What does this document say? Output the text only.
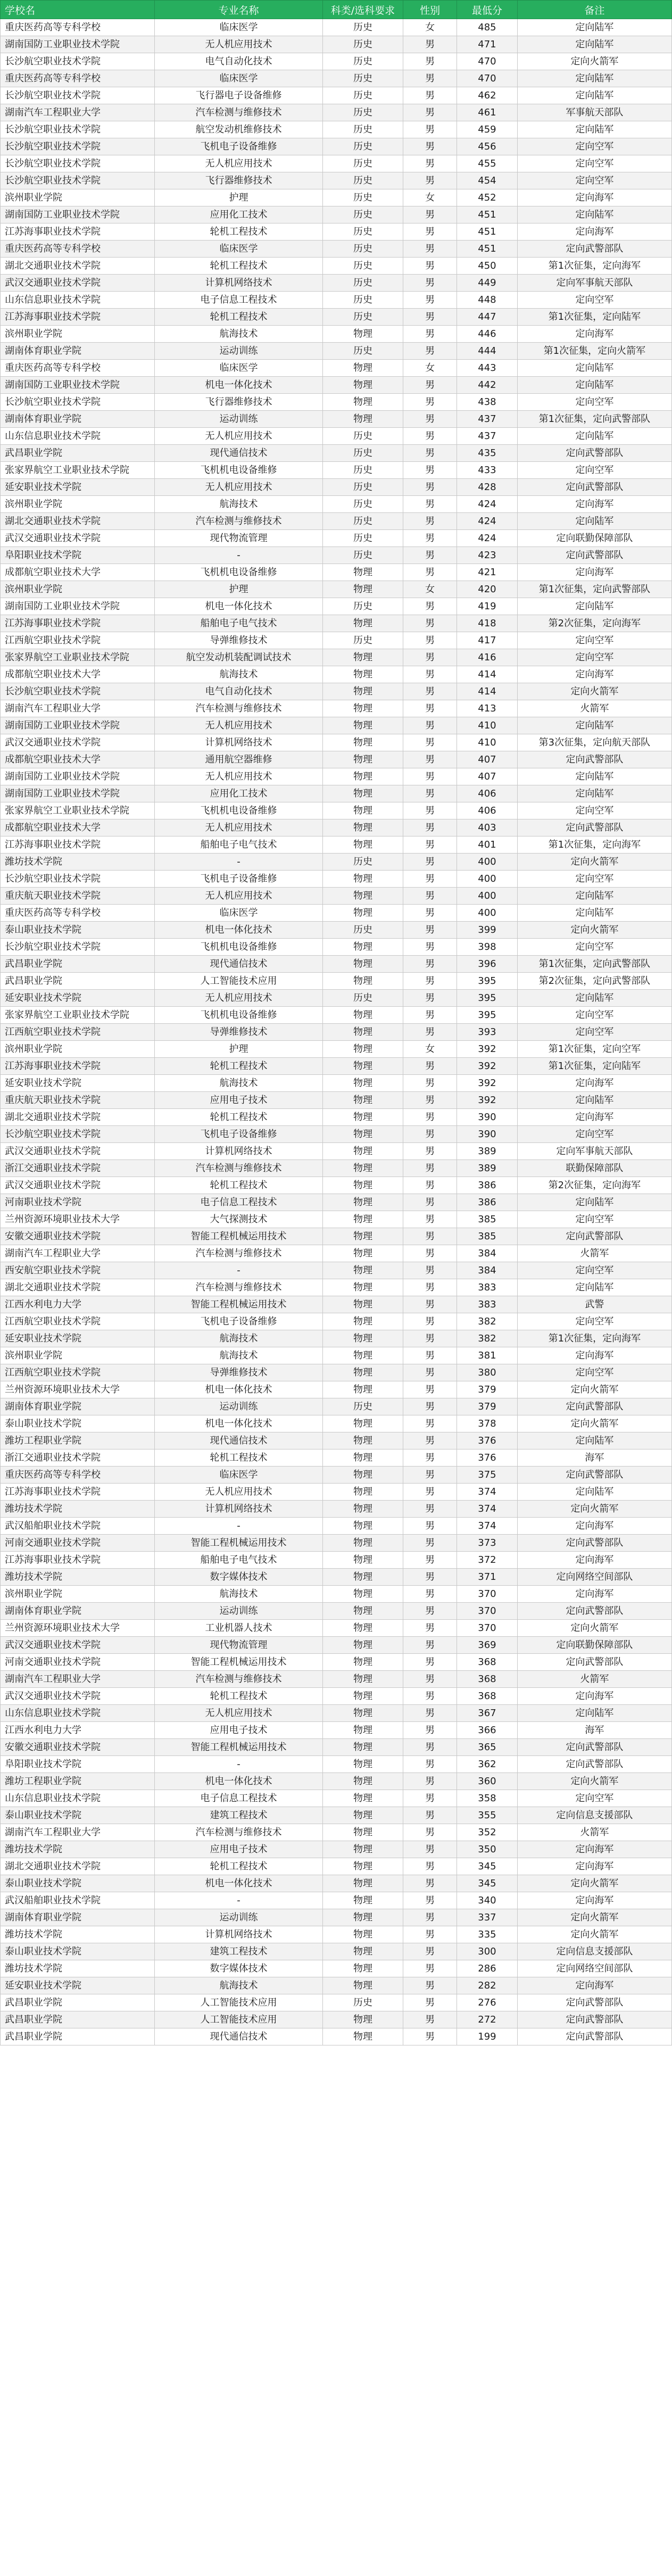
学校名	专业名称	科类/选科要求	性别	最低分	备注
重庆医药高等专科学校	临床医学	历史	女	485	定向陆军
湖南国防工业职业技术学院	无人机应用技术	历史	男	471	定向陆军
长沙航空职业技术学院	电气自动化技术	历史	男	470	定向火箭军
重庆医药高等专科学校	临床医学	历史	男	470	定向陆军
长沙航空职业技术学院	飞行器电子设备维修	历史	男	462	定向陆军
湖南汽车工程职业大学	汽车检测与维修技术	历史	男	461	军事航天部队
长沙航空职业技术学院	航空发动机维修技术	历史	男	459	定向陆军
长沙航空职业技术学院	飞机电子设备维修	历史	男	456	定向空军
长沙航空职业技术学院	无人机应用技术	历史	男	455	定向空军
长沙航空职业技术学院	飞行器维修技术	历史	男	454	定向空军
滨州职业学院	护理	历史	女	452	定向海军
湖南国防工业职业技术学院	应用化工技术	历史	男	451	定向陆军
江苏海事职业技术学院	轮机工程技术	历史	男	451	定向海军
重庆医药高等专科学校	临床医学	历史	男	451	定向武警部队
湖北交通职业技术学院	轮机工程技术	历史	男	450	第1次征集，定向海军
武汉交通职业技术学院	计算机网络技术	历史	男	449	定向军事航天部队
山东信息职业技术学院	电子信息工程技术	历史	男	448	定向空军
江苏海事职业技术学院	轮机工程技术	历史	男	447	第1次征集，定向陆军
滨州职业学院	航海技术	物理	男	446	定向海军
湖南体育职业学院	运动训练	历史	男	444	第1次征集，定向火箭军
重庆医药高等专科学校	临床医学	物理	女	443	定向陆军
湖南国防工业职业技术学院	机电一体化技术	物理	男	442	定向陆军
长沙航空职业技术学院	飞行器维修技术	物理	男	438	定向空军
湖南体育职业学院	运动训练	物理	男	437	第1次征集，定向武警部队
山东信息职业技术学院	无人机应用技术	历史	男	437	定向陆军
武昌职业学院	现代通信技术	历史	男	435	定向武警部队
张家界航空工业职业技术学院	飞机机电设备维修	历史	男	433	定向空军
延安职业技术学院	无人机应用技术	历史	男	428	定向武警部队
滨州职业学院	航海技术	历史	男	424	定向海军
湖北交通职业技术学院	汽车检测与维修技术	历史	男	424	定向陆军
武汉交通职业技术学院	现代物流管理	历史	男	424	定向联勤保障部队
阜阳职业技术学院	-	历史	男	423	定向武警部队
成都航空职业技术大学	飞机机电设备维修	物理	男	421	定向海军
滨州职业学院	护理	物理	女	420	第1次征集，定向武警部队
湖南国防工业职业技术学院	机电一体化技术	历史	男	419	定向陆军
江苏海事职业技术学院	船舶电子电气技术	物理	男	418	第2次征集，定向海军
江西航空职业技术学院	导弹维修技术	历史	男	417	定向空军
张家界航空工业职业技术学院	航空发动机装配调试技术	物理	男	416	定向空军
成都航空职业技术大学	航海技术	物理	男	414	定向海军
长沙航空职业技术学院	电气自动化技术	物理	男	414	定向火箭军
湖南汽车工程职业大学	汽车检测与维修技术	物理	男	413	火箭军
湖南国防工业职业技术学院	无人机应用技术	物理	男	410	定向陆军
武汉交通职业技术学院	计算机网络技术	物理	男	410	第3次征集，定向航天部队
成都航空职业技术大学	通用航空器维修	物理	男	407	定向武警部队
湖南国防工业职业技术学院	无人机应用技术	物理	男	407	定向陆军
湖南国防工业职业技术学院	应用化工技术	物理	男	406	定向陆军
张家界航空工业职业技术学院	飞机机电设备维修	物理	男	406	定向空军
成都航空职业技术大学	无人机应用技术	物理	男	403	定向武警部队
江苏海事职业技术学院	船舶电子电气技术	物理	男	401	第1次征集，定向海军
潍坊技术学院	-	历史	男	400	定向火箭军
长沙航空职业技术学院	飞机电子设备维修	物理	男	400	定向空军
重庆航天职业技术学院	无人机应用技术	物理	男	400	定向陆军
重庆医药高等专科学校	临床医学	物理	男	400	定向陆军
泰山职业技术学院	机电一体化技术	历史	男	399	定向火箭军
长沙航空职业技术学院	飞机机电设备维修	物理	男	398	定向空军
武昌职业学院	现代通信技术	物理	男	396	第1次征集，定向武警部队
武昌职业学院	人工智能技术应用	物理	男	395	第2次征集，定向武警部队
延安职业技术学院	无人机应用技术	历史	男	395	定向陆军
张家界航空工业职业技术学院	飞机机电设备维修	物理	男	395	定向空军
江西航空职业技术学院	导弹维修技术	物理	男	393	定向空军
滨州职业学院	护理	物理	女	392	第1次征集，定向空军
江苏海事职业技术学院	轮机工程技术	物理	男	392	第1次征集，定向陆军
延安职业技术学院	航海技术	物理	男	392	定向海军
重庆航天职业技术学院	应用电子技术	物理	男	392	定向陆军
湖北交通职业技术学院	轮机工程技术	物理	男	390	定向海军
长沙航空职业技术学院	飞机电子设备维修	物理	男	390	定向空军
武汉交通职业技术学院	计算机网络技术	物理	男	389	定向军事航天部队
浙江交通职业技术学院	汽车检测与维修技术	物理	男	389	联勤保障部队
武汉交通职业技术学院	轮机工程技术	物理	男	386	第2次征集，定向海军
河南职业技术学院	电子信息工程技术	物理	男	386	定向陆军
兰州资源环境职业技术大学	大气探测技术	物理	男	385	定向空军
安徽交通职业技术学院	智能工程机械运用技术	物理	男	385	定向武警部队
湖南汽车工程职业大学	汽车检测与维修技术	物理	男	384	火箭军
西安航空职业技术学院	-	物理	男	384	定向空军
湖北交通职业技术学院	汽车检测与维修技术	物理	男	383	定向陆军
江西水利电力大学	智能工程机械运用技术	物理	男	383	武警
江西航空职业技术学院	飞机电子设备维修	物理	男	382	定向空军
延安职业技术学院	航海技术	物理	男	382	第1次征集，定向海军
滨州职业学院	航海技术	物理	男	381	定向海军
江西航空职业技术学院	导弹维修技术	物理	男	380	定向空军
兰州资源环境职业技术大学	机电一体化技术	物理	男	379	定向火箭军
湖南体育职业学院	运动训练	历史	男	379	定向武警部队
泰山职业技术学院	机电一体化技术	物理	男	378	定向火箭军
潍坊工程职业学院	现代通信技术	物理	男	376	定向陆军
浙江交通职业技术学院	轮机工程技术	物理	男	376	海军
重庆医药高等专科学校	临床医学	物理	男	375	定向武警部队
江苏海事职业技术学院	无人机应用技术	物理	男	374	定向陆军
潍坊技术学院	计算机网络技术	物理	男	374	定向火箭军
武汉船舶职业技术学院	-	物理	男	374	定向海军
河南交通职业技术学院	智能工程机械运用技术	物理	男	373	定向武警部队
江苏海事职业技术学院	船舶电子电气技术	物理	男	372	定向海军
潍坊技术学院	数字媒体技术	物理	男	371	定向网络空间部队
滨州职业学院	航海技术	物理	男	370	定向海军
湖南体育职业学院	运动训练	物理	男	370	定向武警部队
兰州资源环境职业技术大学	工业机器人技术	物理	男	370	定向火箭军
武汉交通职业技术学院	现代物流管理	物理	男	369	定向联勤保障部队
河南交通职业技术学院	智能工程机械运用技术	物理	男	368	定向武警部队
湖南汽车工程职业大学	汽车检测与维修技术	物理	男	368	火箭军
武汉交通职业技术学院	轮机工程技术	物理	男	368	定向海军
山东信息职业技术学院	无人机应用技术	物理	男	367	定向陆军
江西水利电力大学	应用电子技术	物理	男	366	海军
安徽交通职业技术学院	智能工程机械运用技术	物理	男	365	定向武警部队
阜阳职业技术学院	-	物理	男	362	定向武警部队
潍坊工程职业学院	机电一体化技术	物理	男	360	定向火箭军
山东信息职业技术学院	电子信息工程技术	物理	男	358	定向空军
泰山职业技术学院	建筑工程技术	物理	男	355	定向信息支援部队
湖南汽车工程职业大学	汽车检测与维修技术	物理	男	352	火箭军
潍坊技术学院	应用电子技术	物理	男	350	定向海军
湖北交通职业技术学院	轮机工程技术	物理	男	345	定向海军
泰山职业技术学院	机电一体化技术	物理	男	345	定向火箭军
武汉船舶职业技术学院	-	物理	男	340	定向海军
湖南体育职业学院	运动训练	物理	男	337	定向火箭军
潍坊技术学院	计算机网络技术	物理	男	335	定向火箭军
泰山职业技术学院	建筑工程技术	物理	男	300	定向信息支援部队
潍坊技术学院	数字媒体技术	物理	男	286	定向网络空间部队
延安职业技术学院	航海技术	物理	男	282	定向海军
武昌职业学院	人工智能技术应用	历史	男	276	定向武警部队
武昌职业学院	人工智能技术应用	物理	男	272	定向武警部队
武昌职业学院	现代通信技术	物理	男	199	定向武警部队
